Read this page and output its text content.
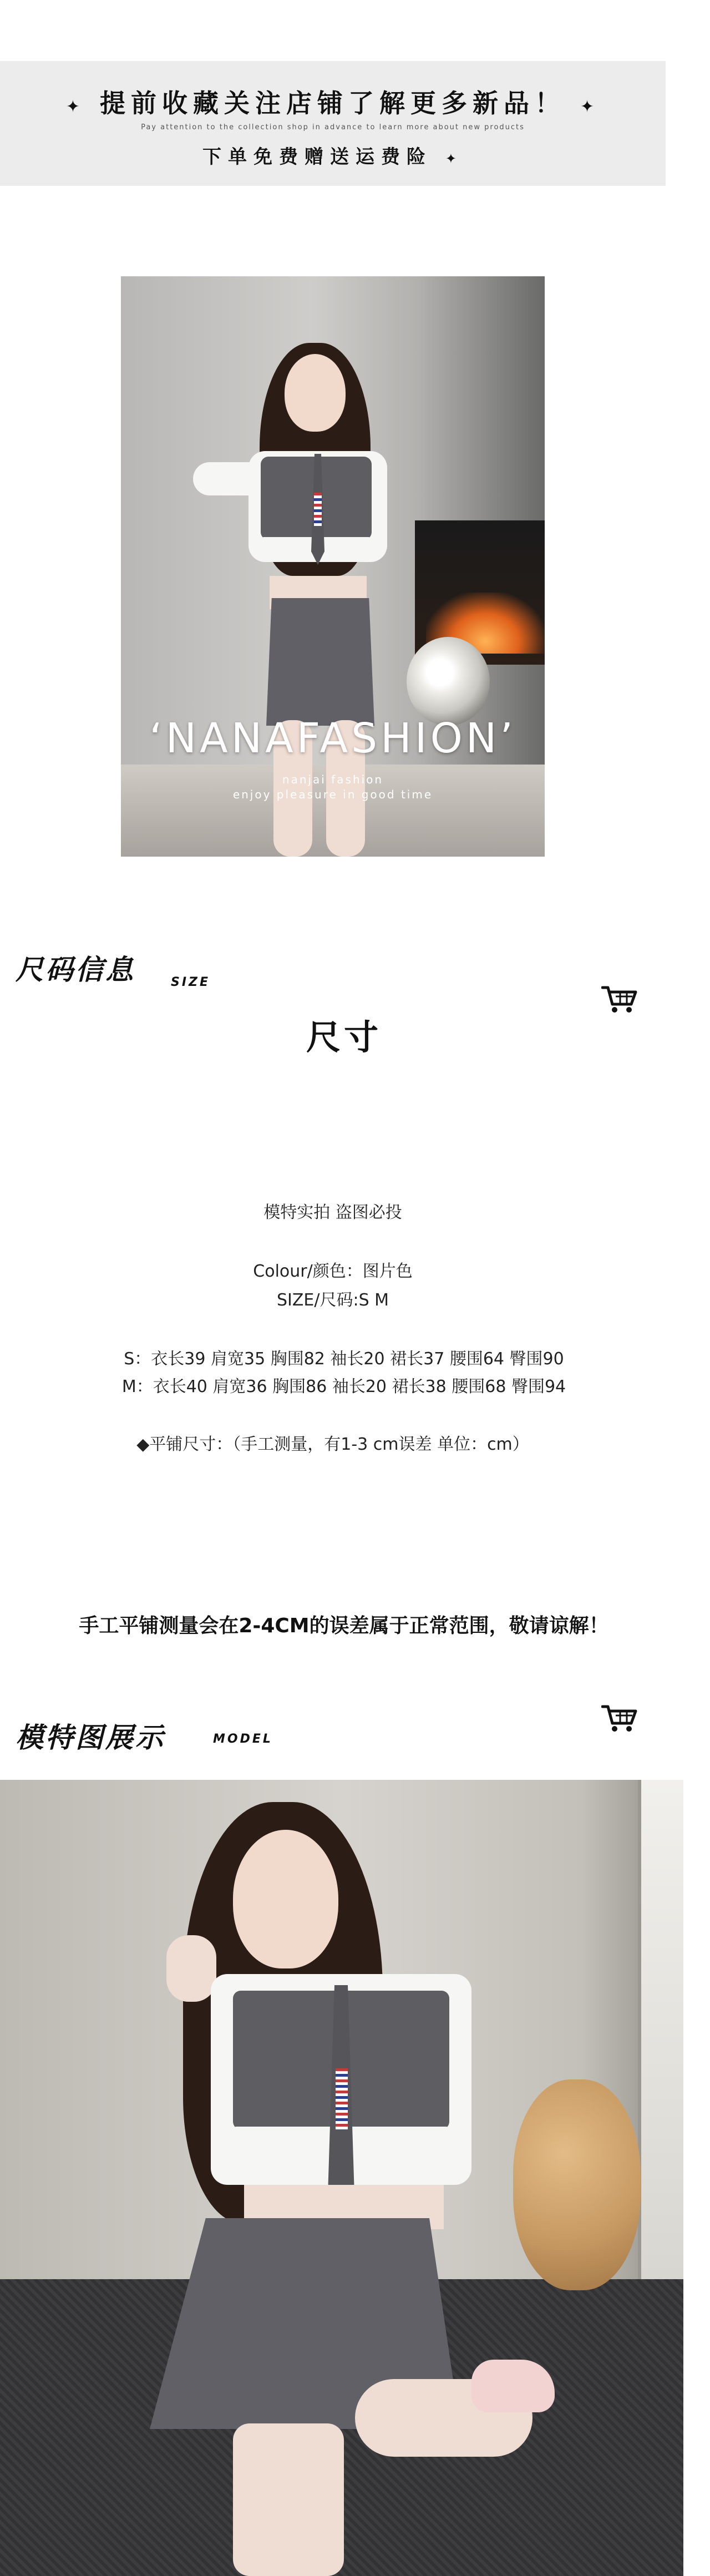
✦ 提前收藏关注店铺了解更多新品！ ✦
Pay attention to the collection shop in advance to learn more about new products
下单免费赠送运费险 ✦
‘NANAFASHION’
nanjai fashion
enjoy pleasure in good time
尺码信息	SIZE
尺寸
模特实拍 盗图必投
Colour/颜色：图片色
SIZE/尺码:S M
S：衣长39 肩宽35 胸围82 袖长20 裙长37 腰围64 臀围90
M：衣长40 肩宽36 胸围86 袖长20 裙长38 腰围68 臀围94
◆平铺尺寸：（手工测量，有1-3 cm误差 单位：cm）
手工平铺测量会在2-4CM的误差属于正常范围，敬请谅解！
模特图展示	MODEL
